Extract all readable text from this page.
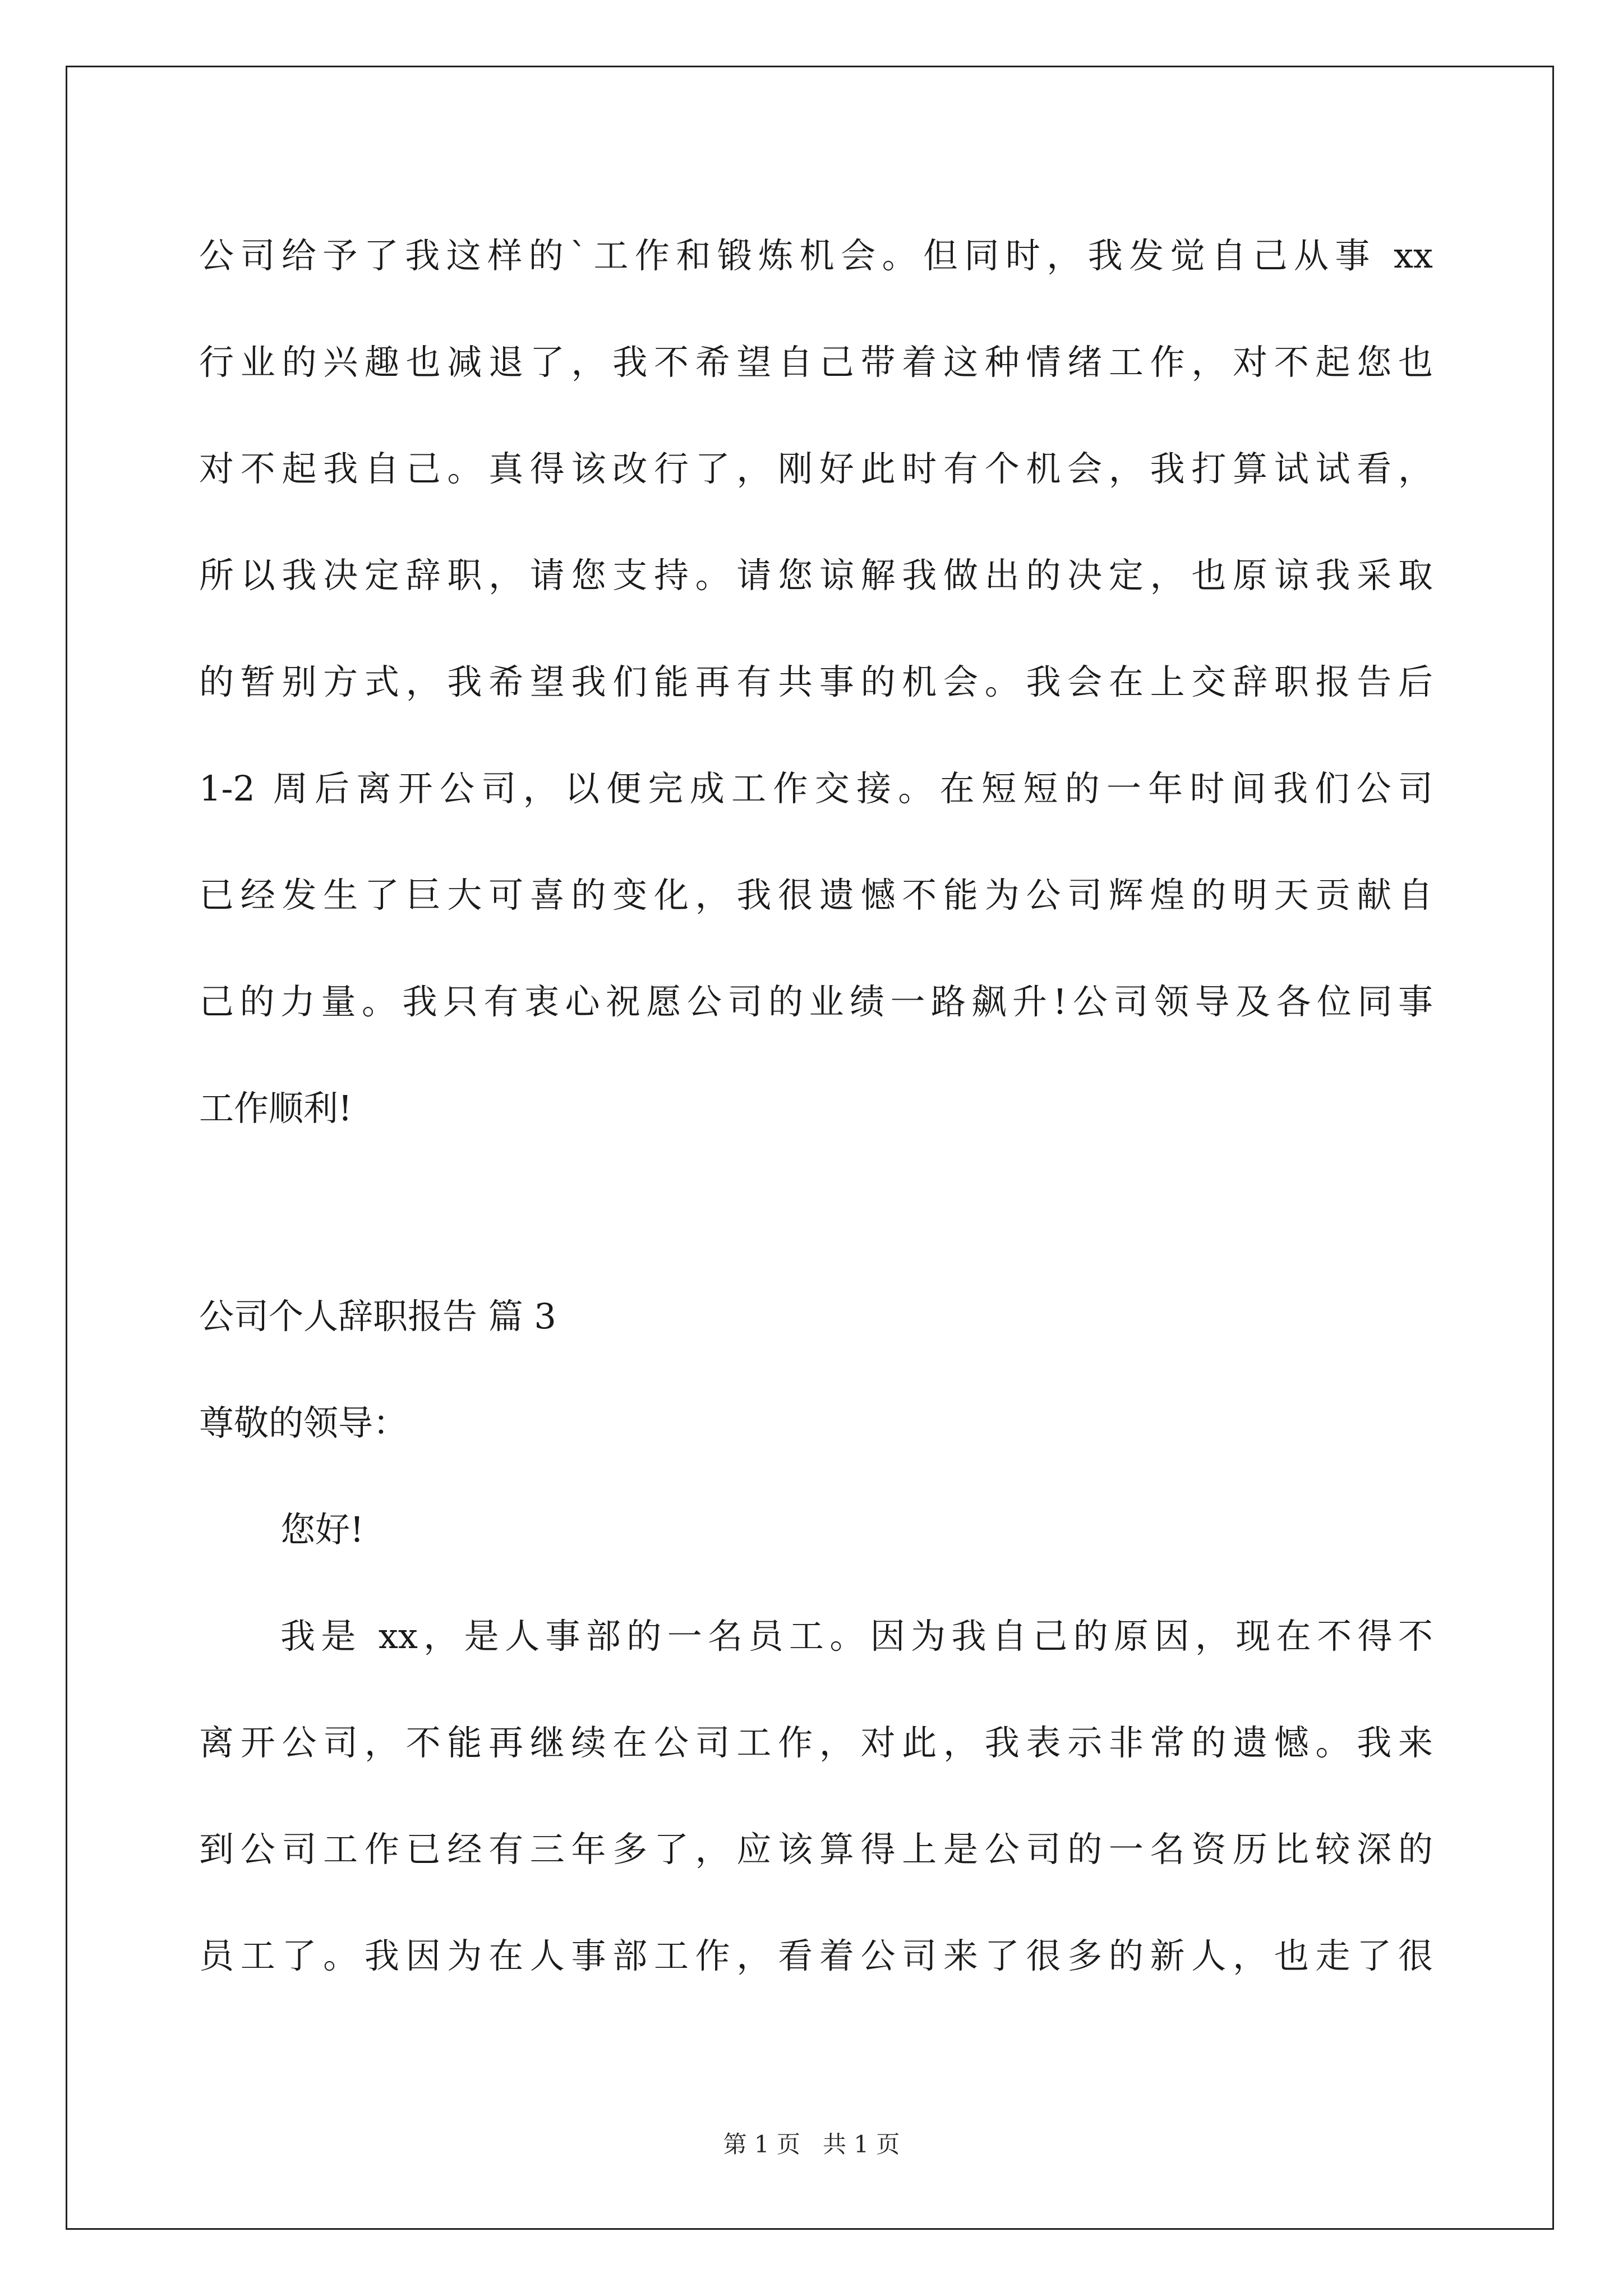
公司给予了我这样的`工作和锻炼机会。但同时，我发觉自己从事 xx
行业的兴趣也减退了，我不希望自己带着这种情绪工作，对不起您也
对不起我自己。真得该改行了，刚好此时有个机会，我打算试试看，
所以我决定辞职，请您支持。请您谅解我做出的决定，也原谅我采取
的暂别方式，我希望我们能再有共事的机会。我会在上交辞职报告后
1-2 周后离开公司，以便完成工作交接。在短短的一年时间我们公司
已经发生了巨大可喜的变化，我很遗憾不能为公司辉煌的明天贡献自
己的力量。我只有衷心祝愿公司的业绩一路飙升!公司领导及各位同事
工作顺利!
公司个人辞职报告 篇 3
尊敬的领导：
您好!
我是 xx，是人事部的一名员工。因为我自己的原因，现在不得不
离开公司，不能再继续在公司工作，对此，我表示非常的遗憾。我来
到公司工作已经有三年多了，应该算得上是公司的一名资历比较深的
员工了。我因为在人事部工作，看着公司来了很多的新人，也走了很
第 1 页 共 1 页
